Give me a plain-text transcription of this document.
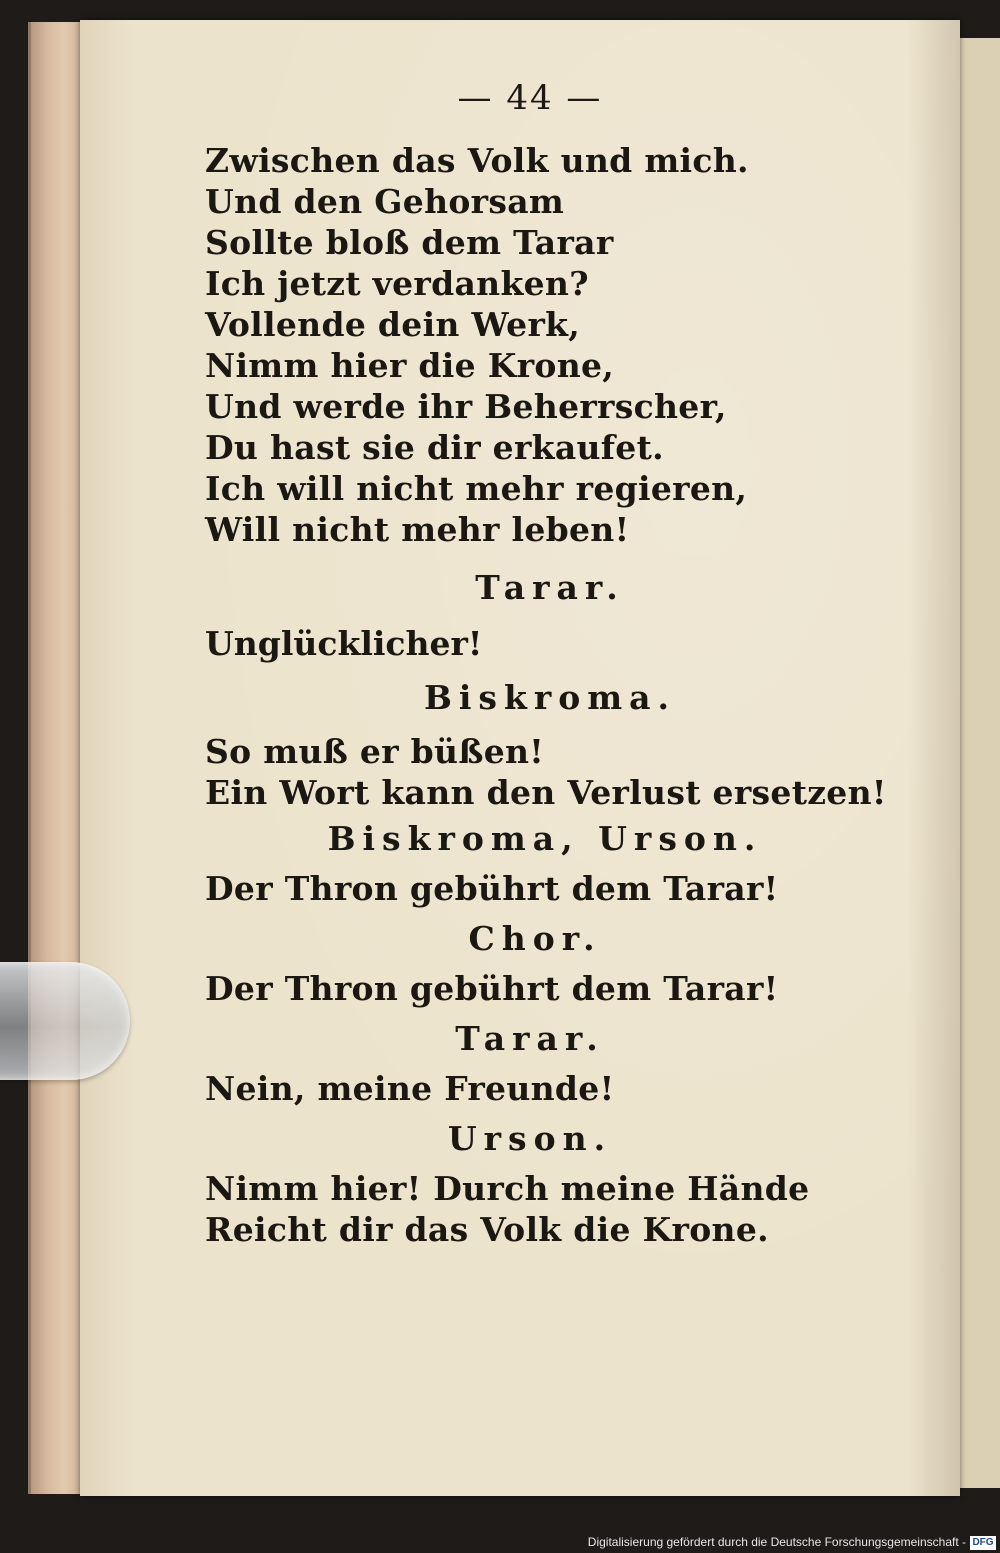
— 44 —
Zwischen das Volk und mich.
Und den Gehorsam
Sollte bloß dem Tarar
Ich jetzt verdanken?
Vollende dein Werk,
Nimm hier die Krone,
Und werde ihr Beherrscher,
Du hast sie dir erkaufet.
Ich will nicht mehr regieren,
Will nicht mehr leben!
Tarar.
Unglücklicher!
Biskroma.
So muß er büßen!
Ein Wort kann den Verlust ersetzen!
Biskroma, Urson.
Der Thron gebührt dem Tarar!
Chor.
Der Thron gebührt dem Tarar!
Tarar.
Nein, meine Freunde!
Urson.
Nimm hier! Durch meine Hände
Reicht dir das Volk die Krone.
Digitalisierung gefördert durch die Deutsche Forschungsgemeinschaft - DFG
